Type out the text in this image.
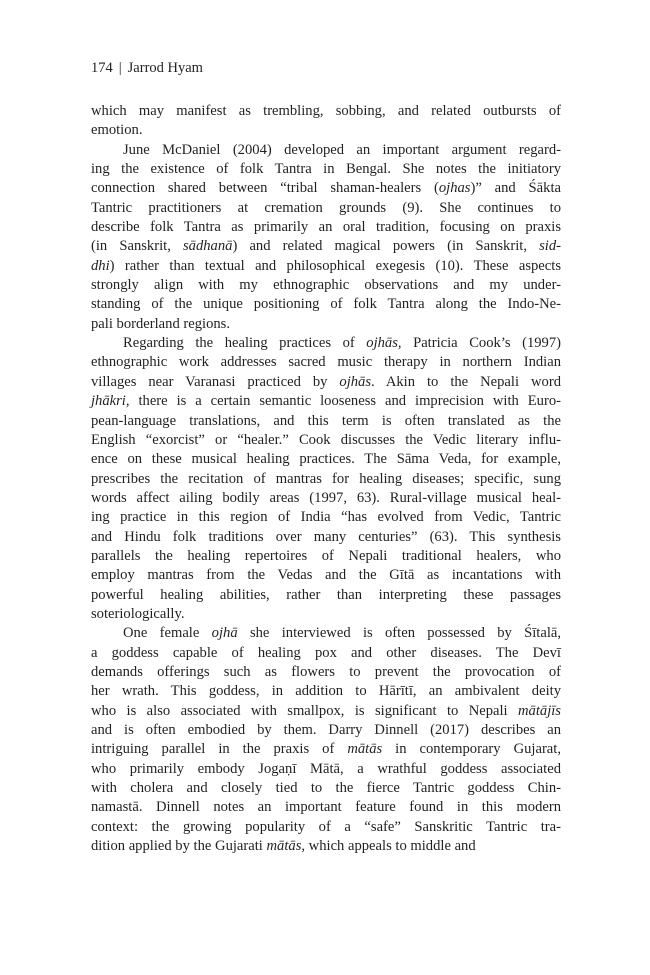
174 | Jarrod Hyam
which may manifest as trembling, sobbing, and related outbursts of
emotion.
June McDaniel (2004) developed an important argument regard-
ing the existence of folk Tantra in Bengal. She notes the initiatory
connection shared between “tribal shaman-healers (ojhas)” and Śākta
Tantric practitioners at cremation grounds (9). She continues to
describe folk Tantra as primarily an oral tradition, focusing on praxis
(in Sanskrit, sādhanā) and related magical powers (in Sanskrit, sid-
dhi) rather than textual and philosophical exegesis (10). These aspects
strongly align with my ethnographic observations and my under-
standing of the unique positioning of folk Tantra along the Indo-Ne-
pali borderland regions.
Regarding the healing practices of ojhās, Patricia Cook’s (1997)
ethnographic work addresses sacred music therapy in northern Indian
villages near Varanasi practiced by ojhās. Akin to the Nepali word
jhākri, there is a certain semantic looseness and imprecision with Euro-
pean-language translations, and this term is often translated as the
English “exorcist” or “healer.” Cook discusses the Vedic literary influ-
ence on these musical healing practices. The Sāma Veda, for example,
prescribes the recitation of mantras for healing diseases; specific, sung
words affect ailing bodily areas (1997, 63). Rural-village musical heal-
ing practice in this region of India “has evolved from Vedic, Tantric
and Hindu folk traditions over many centuries” (63). This synthesis
parallels the healing repertoires of Nepali traditional healers, who
employ mantras from the Vedas and the Gītā as incantations with
powerful healing abilities, rather than interpreting these passages
soteriologically.
One female ojhā she interviewed is often possessed by Śītalā,
a goddess capable of healing pox and other diseases. The Devī
demands offerings such as flowers to prevent the provocation of
her wrath. This goddess, in addition to Hārītī, an ambivalent deity
who is also associated with smallpox, is significant to Nepali mātājīs
and is often embodied by them. Darry Dinnell (2017) describes an
intriguing parallel in the praxis of mātās in contemporary Gujarat,
who primarily embody Jogaṇī Mātā, a wrathful goddess associated
with cholera and closely tied to the fierce Tantric goddess Chin-
namastā. Dinnell notes an important feature found in this modern
context: the growing popularity of a “safe” Sanskritic Tantric tra-
dition applied by the Gujarati mātās, which appeals to middle and
